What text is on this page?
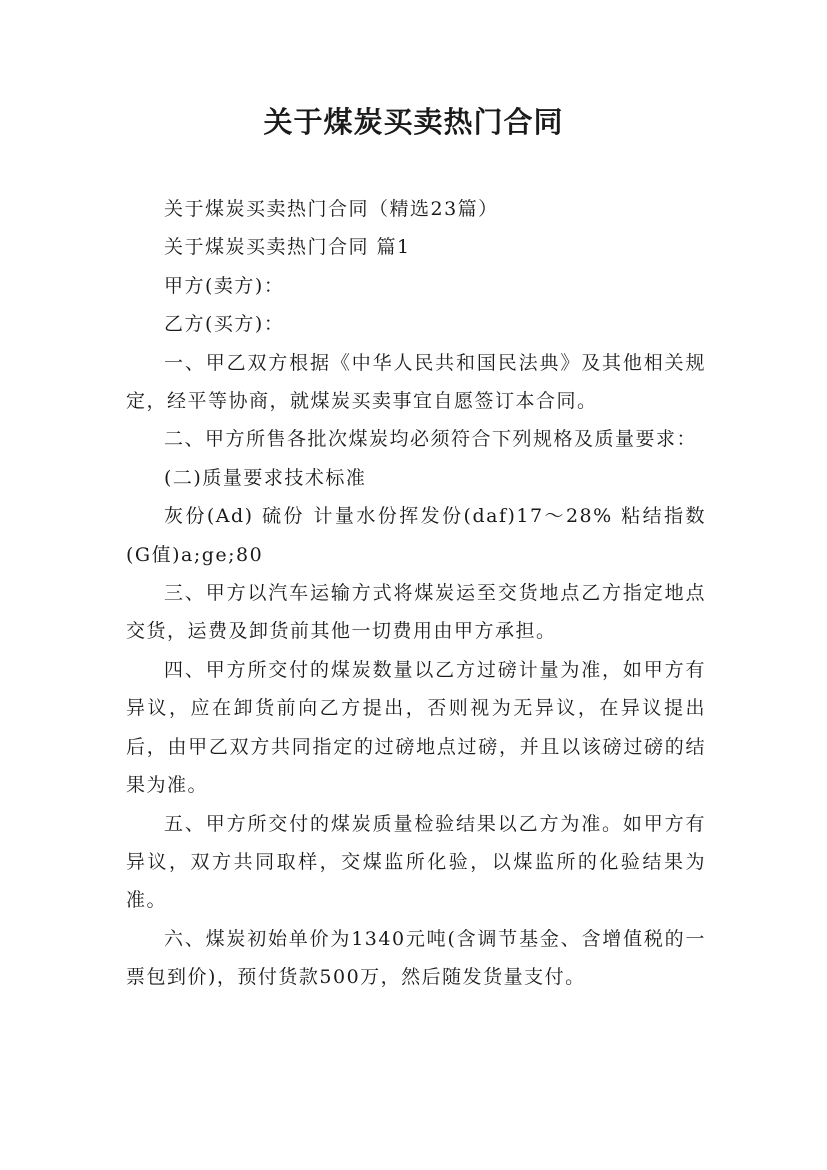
关于煤炭买卖热门合同

关于煤炭买卖热门合同（精选23篇）

关于煤炭买卖热门合同 篇1

甲方(卖方)：

乙方(买方)：

一、甲乙双方根据《中华人民共和国民法典》及其他相关规定，经平等协商，就煤炭买卖事宜自愿签订本合同。

二、甲方所售各批次煤炭均必须符合下列规格及质量要求：

(二)质量要求技术标准

灰份(Ad) 硫份 计量水份挥发份(daf)17～28% 粘结指数(G值)a;ge;80

三、甲方以汽车运输方式将煤炭运至交货地点乙方指定地点交货，运费及卸货前其他一切费用由甲方承担。

四、甲方所交付的煤炭数量以乙方过磅计量为准，如甲方有异议，应在卸货前向乙方提出，否则视为无异议，在异议提出后，由甲乙双方共同指定的过磅地点过磅，并且以该磅过磅的结果为准。

五、甲方所交付的煤炭质量检验结果以乙方为准。如甲方有异议，双方共同取样，交煤监所化验，以煤监所的化验结果为准。

六、煤炭初始单价为1340元吨(含调节基金、含增值税的一票包到价)，预付货款500万，然后随发货量支付。
